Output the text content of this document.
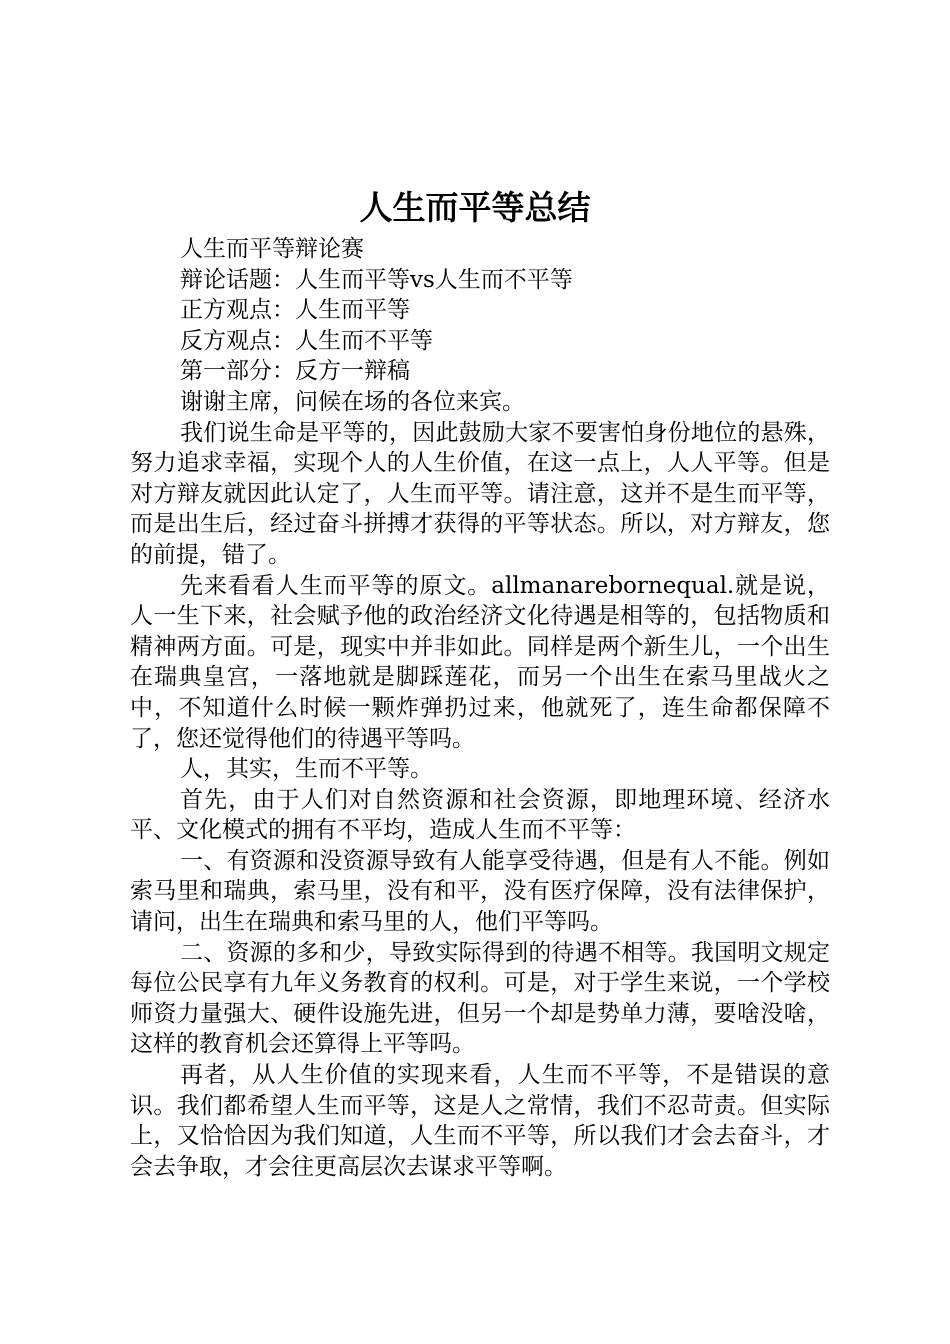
人生而平等总结

人生而平等辩论赛

辩论话题：人生而平等vs人生而不平等

正方观点：人生而平等

反方观点：人生而不平等

第一部分：反方一辩稿

谢谢主席，问候在场的各位来宾。

我们说生命是平等的，因此鼓励大家不要害怕身份地位的悬殊，努力追求幸福，实现个人的人生价值，在这一点上，人人平等。但是对方辩友就因此认定了，人生而平等。请注意，这并不是生而平等，而是出生后，经过奋斗拼搏才获得的平等状态。所以，对方辩友，您的前提，错了。

先来看看人生而平等的原文。allmanarebornequal.就是说，人一生下来，社会赋予他的政治经济文化待遇是相等的，包括物质和精神两方面。可是，现实中并非如此。同样是两个新生儿，一个出生在瑞典皇宫，一落地就是脚踩莲花，而另一个出生在索马里战火之中，不知道什么时候一颗炸弹扔过来，他就死了，连生命都保障不了，您还觉得他们的待遇平等吗。

人，其实，生而不平等。

首先，由于人们对自然资源和社会资源，即地理环境、经济水平、文化模式的拥有不平均，造成人生而不平等：

一、有资源和没资源导致有人能享受待遇，但是有人不能。例如索马里和瑞典，索马里，没有和平，没有医疗保障，没有法律保护，请问，出生在瑞典和索马里的人，他们平等吗。

二、资源的多和少，导致实际得到的待遇不相等。我国明文规定每位公民享有九年义务教育的权利。可是，对于学生来说，一个学校师资力量强大、硬件设施先进，但另一个却是势单力薄，要啥没啥，这样的教育机会还算得上平等吗。

再者，从人生价值的实现来看，人生而不平等，不是错误的意识。我们都希望人生而平等，这是人之常情，我们不忍苛责。但实际上，又恰恰因为我们知道，人生而不平等，所以我们才会去奋斗，才会去争取，才会往更高层次去谋求平等啊。
